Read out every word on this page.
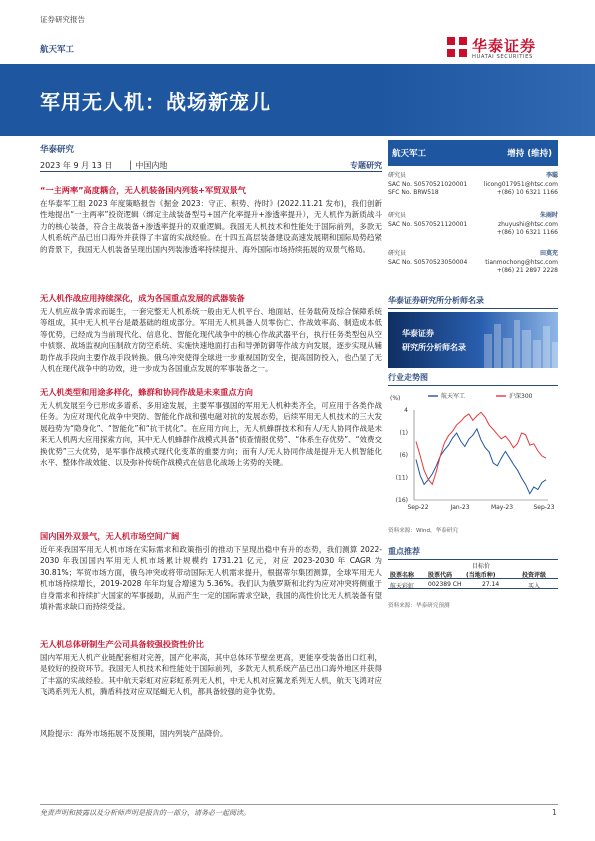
证券研究报告
航天军工	华泰证券
HUATAI SECURITIES
军用无人机：战场新宠儿
华泰研究
2023 年 9 月 13 日 │ 中国内地	专题研究
“一主两率”高度耦合，无人机装备国内列装+军贸双景气
在华泰军工组 2023 年度策略报告《掘金 2023：守正、积势、待时》(2022.11.21 发布)，我们创新性地提出“一主两率”投资逻辑（绑定主战装备型号+国产化率提升+渗透率提升），无人机作为新质战斗力的核心装备，符合主战装备+渗透率提升的双重逻辑。我国无人机技术和性能处于国际前列，多款无人机系统产品已出口海外并获得了丰富的实战经验。在十四五高层装备建设高速发展期和国际局势趋紧的背景下，我国无人机装备呈现出国内列装渗透率持续提升、海外国际市场持续拓展的双景气格局。
无人机作战应用持续深化，成为各国重点发展的武器装备
无人机应战争需求而诞生，一套完整无人机系统一般由无人机平台、地面站、任务载荷及综合保障系统等组成，其中无人机平台是最基础的组成部分。军用无人机具备人员零伤亡、作战效率高、制造成本低等优势，已经成为当前现代化、信息化、智能化现代战争中的核心作战武器平台，执行任务类型包从空中侦察、战场监视向压制敌方防空系统、实施快速地面打击和导弹防御等作战方向发展，逐步实现从辅助作战手段向主要作战手段转换。俄乌冲突使得全球进一步重视国防安全，提高国防投入，也凸显了无人机在现代战争中的功效，进一步成为各国重点发展的军事装备之一。
无人机类型和用途多样化，蜂群和协同作战是未来重点方向
无人机发展至今已形成多谱系、多用途发展，主要军事强国的军用无人机种类齐全，可应用于各类作战任务。为应对现代化战争中突防、智能化作战和强电磁对抗的发展态势，后续军用无人机技术的三大发展趋势为“隐身化”、“智能化”和“抗干扰化”。在应用方向上，无人机蜂群技术和有人/无人协同作战是未来无人机两大应用探索方向，其中无人机蜂群作战模式具备“侦查情报优势”、“体系生存优势”、“效费交换优势”三大优势，是军事作战模式现代化变革的重要方向；而有人/无人协同作战是提升无人机智能化水平、整体作战效能、以及弥补传统作战模式在信息化战场上劣势的关键。
国内国外双景气，无人机市场空间广阔
近年来我国军用无人机市场在实际需求和政策指引的推动下呈现出稳中有升的态势，我们测算 2022-2030 年我国国内军用无人机市场累计规模约 1731.21 亿元，对应 2023-2030 年 CAGR 为 30.81%；军贸市场方面，俄乌冲突或将带动国际无人机需求提升，根据蒂尔集团测算，全球军用无人机市场持续增长，2019-2028 年年均复合增速为 5.36%。我们认为俄罗斯和北约为应对冲突将侧重于自身需求和持续扩大国家的军事援助，从而产生一定的国际需求空缺，我国的高性价比无人机装备有望填补需求缺口而持续受益。
无人机总体研制生产公司具备较强投资性价比
国内军用无人机产业链配套相对完善，国产化率高，其中总体环节壁垒更高，更能享受装备出口红利，是较好的投资环节。我国无人机技术和性能处于国际前列，多款无人机系统产品已出口海外地区并获得了丰富的实战经验。其中航天彩虹对应彩虹系列无人机，中无人机对应翼龙系列无人机，航天飞鸿对应飞鸿系列无人机，腾盾科技对应双尾蝎无人机，都具备较强的竞争优势。
风险提示：海外市场拓展不及预期，国内列装产品降价。
航天军工	增持 (维持)
研究员	李聪
SAC No. S0570521020001	licong017951@htsc.com
SFC No. BRW518	+(86) 10 6321 1166
研究员	朱雨时
SAC No. S0570521120001	zhuyushi@htsc.com
+(86) 10 6321 1166
研究员	田莫充
SAC No. S0570523050004	tianmochong@htsc.com
+(86) 21 2897 2228
华泰证券研究所分析师名录
华泰证券
研究所分析师名录
行业走势图
(%)
4
(1)
(6)
(11)
(16)
Sep-22	Jan-23	May-23	Sep-23
航天军工	沪深300
资料来源：Wind，华泰研究
重点推荐
目标价
股票名称 股票代码 (当地币种)	投资评级
航天彩虹 002389 CH	27.14	买入
资料来源：华泰研究预测
免责声明和披露以及分析师声明是报告的一部分，请务必一起阅读。	1
